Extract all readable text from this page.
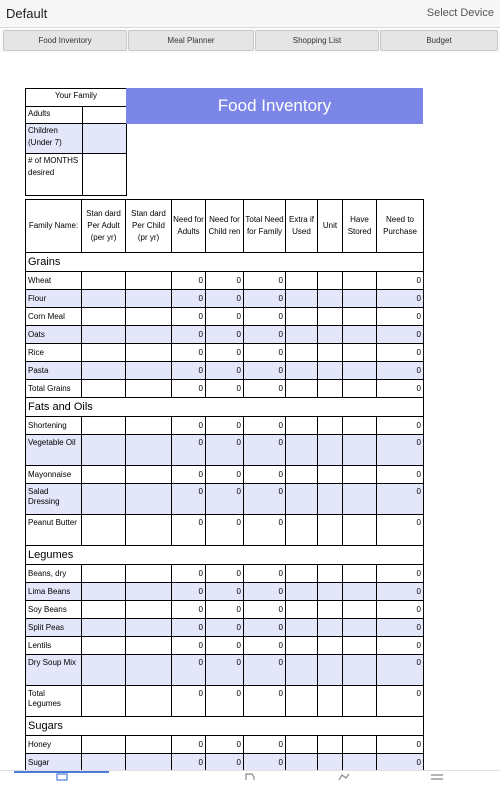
Default	Select Device
Food Inventory	Meal Planner	Shopping List	Budget
Your Family	
Adults	
Children (Under 7)	
# of MONTHS desired	
Food Inventory
Family Name:	Stan dard Per Adult (per yr)	Stan dard Per Child (pr yr)	Need for Adults	Need for Child ren	Total Need for Family	Extra if Used	Unit	Have Stored	Need to Purchase
Grains									
Wheat			0	0	0				0
Flour			0	0	0				0
Corn Meal			0	0	0				0
Oats			0	0	0				0
Rice			0	0	0				0
Pasta			0	0	0				0
Total Grains			0	0	0				0
Fats and Oils									
Shortening			0	0	0				0
Vegetable Oil			0	0	0				0
Mayonnaise			0	0	0				0
Salad Dressing			0	0	0				0
Peanut Butter			0	0	0				0
Legumes									
Beans, dry			0	0	0				0
Lima Beans			0	0	0				0
Soy Beans			0	0	0				0
Split Peas			0	0	0				0
Lentils			0	0	0				0
Dry Soup Mix			0	0	0				0
Total Legumes			0	0	0				0
Sugars									
Honey			0	0	0				0
Sugar			0	0	0				0
